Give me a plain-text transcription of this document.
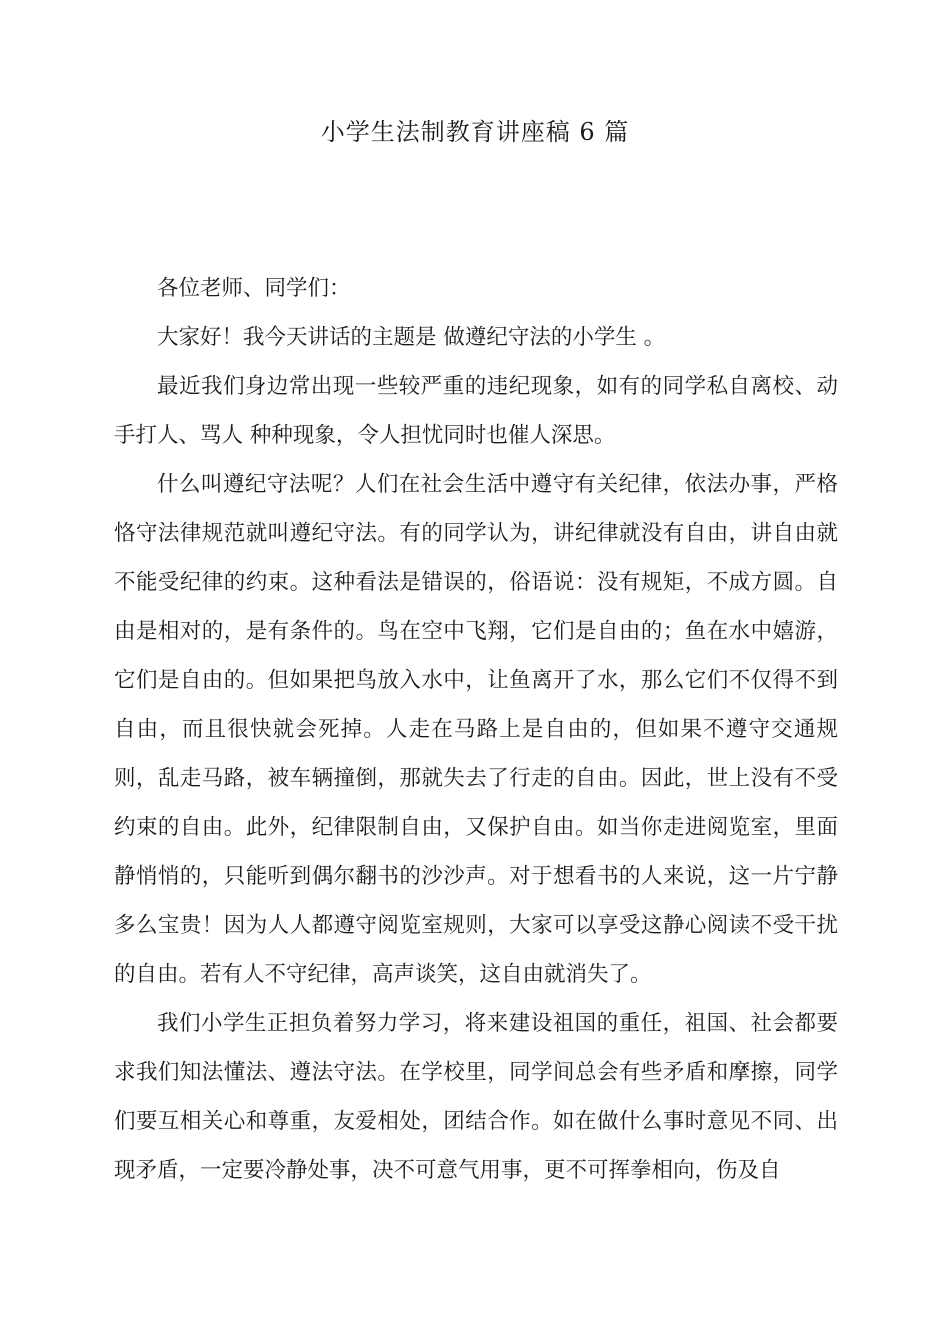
小学生法制教育讲座稿 6 篇

各位老师、同学们：

大家好！我今天讲话的主题是 做遵纪守法的小学生 。

最近我们身边常出现一些较严重的违纪现象，如有的同学私自离校、动手打人、骂人 种种现象，令人担忧同时也催人深思。

什么叫遵纪守法呢？人们在社会生活中遵守有关纪律，依法办事，严格恪守法律规范就叫遵纪守法。有的同学认为，讲纪律就没有自由，讲自由就不能受纪律的约束。这种看法是错误的，俗语说：没有规矩，不成方圆。自由是相对的，是有条件的。鸟在空中飞翔，它们是自由的；鱼在水中嬉游，它们是自由的。但如果把鸟放入水中，让鱼离开了水，那么它们不仅得不到自由，而且很快就会死掉。人走在马路上是自由的，但如果不遵守交通规则，乱走马路，被车辆撞倒，那就失去了行走的自由。因此，世上没有不受约束的自由。此外，纪律限制自由，又保护自由。如当你走进阅览室，里面静悄悄的，只能听到偶尔翻书的沙沙声。对于想看书的人来说，这一片宁静多么宝贵！因为人人都遵守阅览室规则，大家可以享受这静心阅读不受干扰的自由。若有人不守纪律，高声谈笑，这自由就消失了。

我们小学生正担负着努力学习，将来建设祖国的重任，祖国、社会都要求我们知法懂法、遵法守法。在学校里，同学间总会有些矛盾和摩擦，同学们要互相关心和尊重，友爱相处，团结合作。如在做什么事时意见不同、出现矛盾，一定要冷静处事，决不可意气用事，更不可挥拳相向，伤及自
